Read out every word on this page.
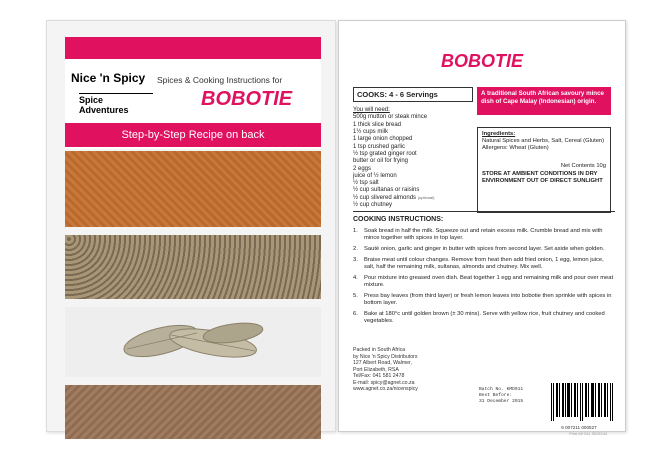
Nice 'n Spicy
Spice Adventures
Spices & Cooking Instructions for
BOBOTIE
Step-by-Step Recipe on back
BOBOTIE
COOKS: 4 - 6 Servings	A traditional South African savoury mince dish of Cape Malay (Indonesian) origin.
You will need:
500g mutton or steak mince
1 thick slice bread
1½ cups milk
1 large onion chopped
1 tsp crushed garlic
½ tsp grated ginger root
butter or oil for frying
2 eggs
juice of ½ lemon
½ tsp salt
½ cup sultanas or raisins
½ cup slivered almonds (optional)
½ cup chutney
Ingredients:
Natural Spices and Herbs, Salt, Cereal (Gluten)
Allergens: Wheat (Gluten)
Net Contents 10g
STORE AT AMBIENT CONDITIONS IN DRY ENVIRONMENT OUT OF DIRECT SUNLIGHT
COOKING INSTRUCTIONS:
1.	Soak bread in half the milk. Squeeze out and retain excess milk. Crumble bread and mix with mince together with spices in top layer.
2.	Sauté onion, garlic and ginger in butter with spices from second layer. Set aside when golden.
3.	Braise meat until colour changes. Remove from heat then add fried onion, 1 egg, lemon juice, salt, half the remaining milk, sultanas, almonds and chutney. Mix well.
4.	Pour mixture into greased oven dish. Beat together 1 egg and remaining milk and pour over meat mixture.
5.	Press bay leaves (from third layer) or fresh lemon leaves into bobotie then sprinkle with spices in bottom layer.
6.	Bake at 180°c until golden brown (± 30 mins). Serve with yellow rice, fruit chutney and cooked vegetables.
Packed in South Africa
by Nice 'n Spicy Distributors
127 Albert Road, Walmer,
Port Elizabeth, RSA
Tel/Fax: 041 581 2478
E-mail: spicy@agnet.co.za
www.agnet.co.za/nicenspicy	Batch No. KMD911
Best Before:
31 December 2015
6 007211 000527
Print Ml 041 5818244
